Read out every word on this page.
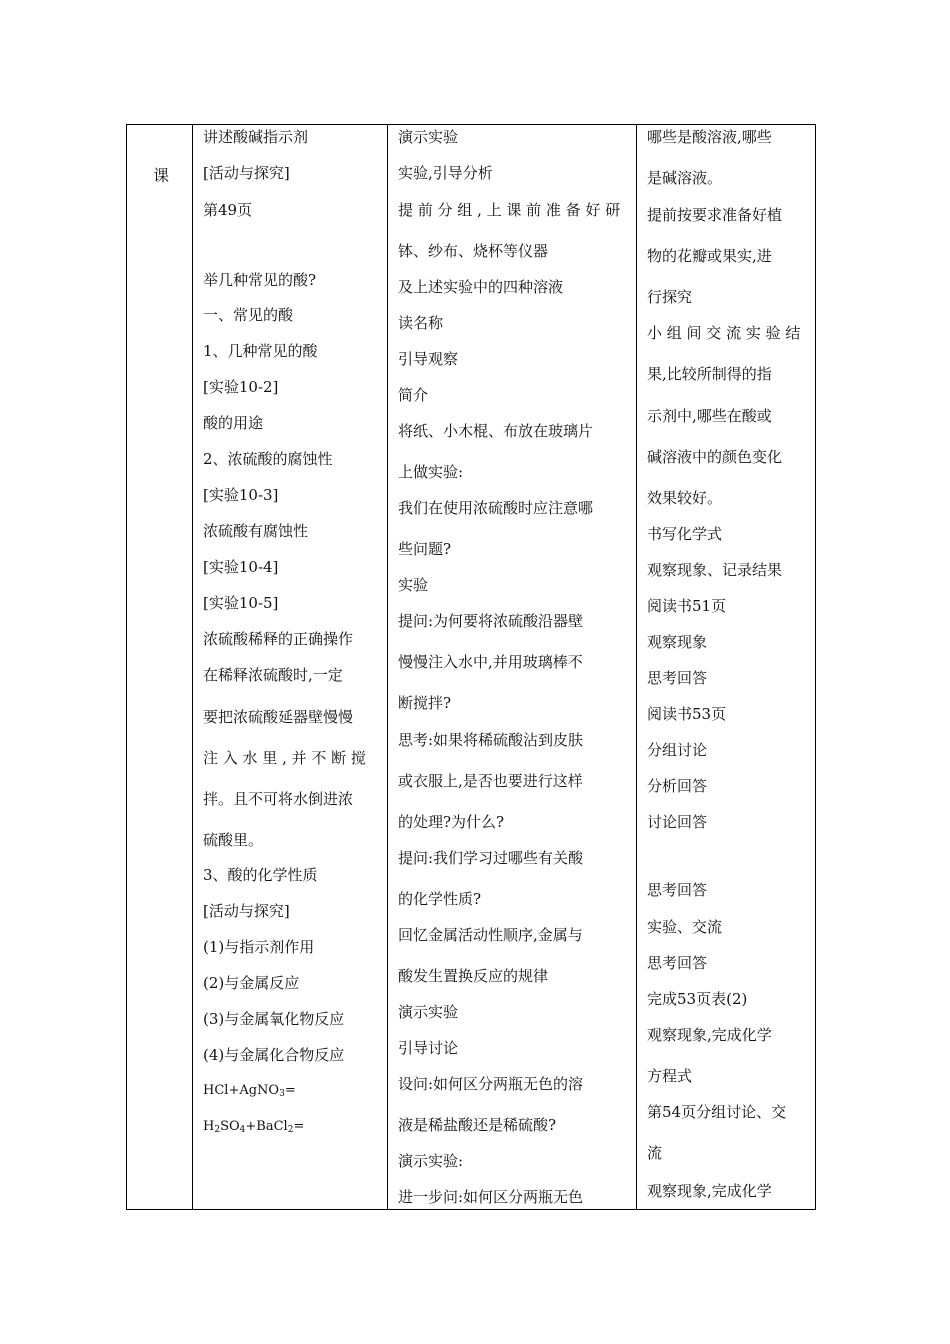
课
讲述酸碱指示剂
[活动与探究]
第49页
举几种常见的酸?
一、常见的酸
1、几种常见的酸
[实验10-2]
酸的用途
2、浓硫酸的腐蚀性
[实验10-3]
浓硫酸有腐蚀性
[实验10-4]
[实验10-5]
浓硫酸稀释的正确操作
在稀释浓硫酸时,一定
要把浓硫酸延器壁慢慢
注 入 水 里 , 并 不 断 搅
拌。且不可将水倒进浓
硫酸里。
3、酸的化学性质
[活动与探究]
(1)与指示剂作用
(2)与金属反应
(3)与金属氧化物反应
(4)与金属化合物反应
HCl+AgNO$_3$=
$H_2SO_4+BaCl_2=$
演示实验
实验,引导分析
提 前 分 组 , 上 课 前 准 备 好 研
钵、纱布、烧杯等仪器
及上述实验中的四种溶液
读名称
引导观察
简介
将纸、小木棍、布放在玻璃片
上做实验:
我们在使用浓硫酸时应注意哪
些问题?
实验
提问:为何要将浓硫酸沿器壁
慢慢注入水中,并用玻璃棒不
断搅拌?
思考:如果将稀硫酸沾到皮肤
或衣服上,是否也要进行这样
的处理?为什么?
提问:我们学习过哪些有关酸
的化学性质?
回忆金属活动性顺序,金属与
酸发生置换反应的规律
演示实验
引导讨论
设问:如何区分两瓶无色的溶
液是稀盐酸还是稀硫酸?
演示实验:
进一步问:如何区分两瓶无色
哪些是酸溶液,哪些
是碱溶液。
提前按要求准备好植
物的花瓣或果实,进
行探究
小 组 间 交 流 实 验 结
果,比较所制得的指
示剂中,哪些在酸或
碱溶液中的颜色变化
效果较好。
书写化学式
观察现象、记录结果
阅读书51页
观察现象
思考回答
阅读书53页
分组讨论
分析回答
讨论回答
思考回答
实验、交流
思考回答
完成53页表(2)
观察现象,完成化学
方程式
第54页分组讨论、交
流
观察现象,完成化学
